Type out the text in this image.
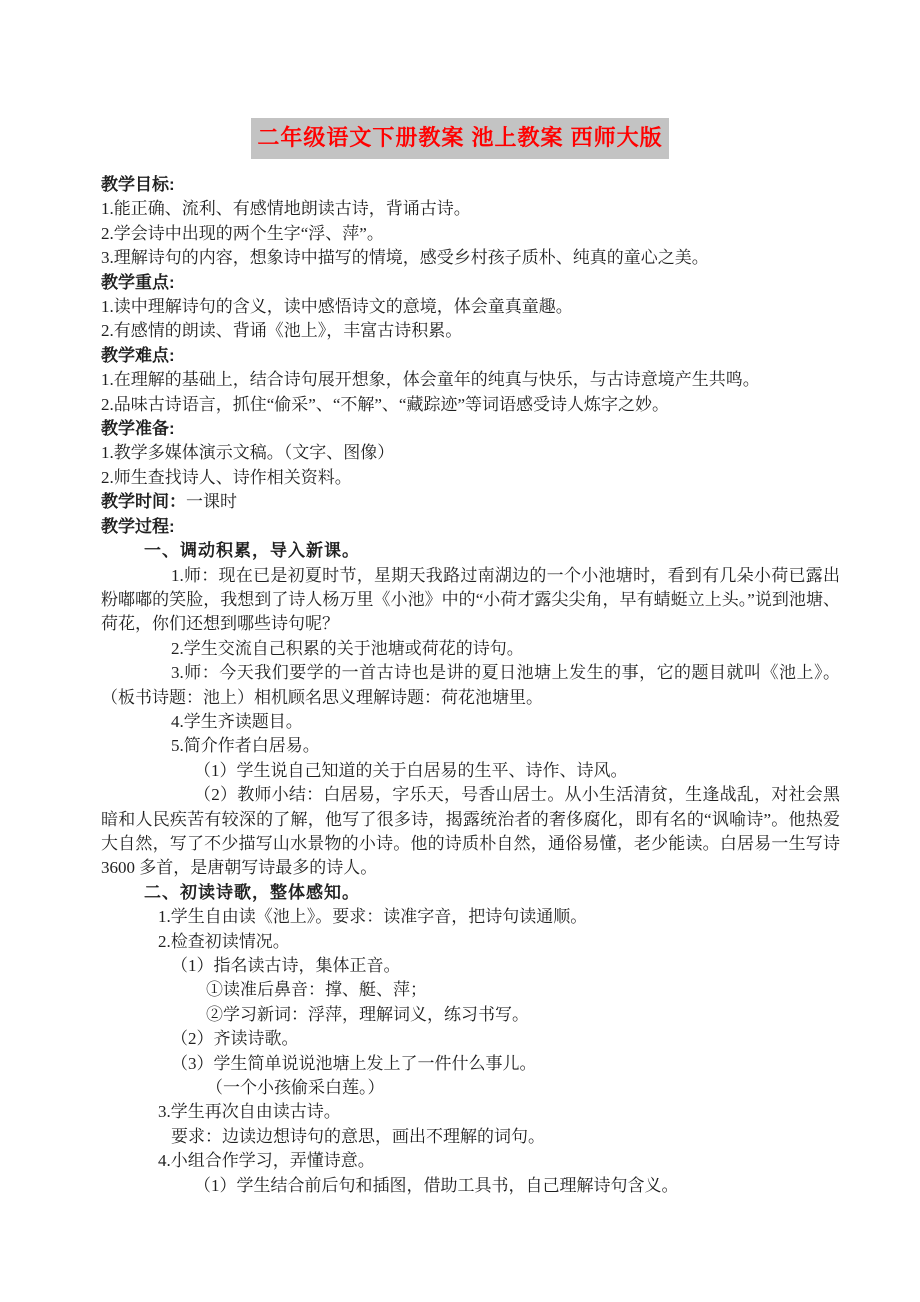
二年级语文下册教案 池上教案 西师大版
教学目标:
1.能正确、流利、有感情地朗读古诗，背诵古诗。
2.学会诗中出现的两个生字“浮、萍”。
3.理解诗句的内容，想象诗中描写的情境，感受乡村孩子质朴、纯真的童心之美。
教学重点:
1.读中理解诗句的含义，读中感悟诗文的意境，体会童真童趣。
2.有感情的朗读、背诵《池上》，丰富古诗积累。
教学难点:
1.在理解的基础上，结合诗句展开想象，体会童年的纯真与快乐，与古诗意境产生共鸣。
2.品味古诗语言，抓住“偷采”、“不解”、“藏踪迹”等词语感受诗人炼字之妙。
教学准备:
1.教学多媒体演示文稿。（文字、图像）
2.师生查找诗人、诗作相关资料。
教学时间：一课时
教学过程:
一、调动积累，导入新课。
1.师：现在已是初夏时节，星期天我路过南湖边的一个小池塘时，看到有几朵小荷已露出粉嘟嘟的笑脸，我想到了诗人杨万里《小池》中的“小荷才露尖尖角，早有蜻蜓立上头。”说到池塘、荷花，你们还想到哪些诗句呢？
2.学生交流自己积累的关于池塘或荷花的诗句。
3.师：今天我们要学的一首古诗也是讲的夏日池塘上发生的事，它的题目就叫《池上》。（板书诗题：池上）相机顾名思义理解诗题：荷花池塘里。
4.学生齐读题目。
5.简介作者白居易。
（1）学生说自己知道的关于白居易的生平、诗作、诗风。
（2）教师小结：白居易，字乐天，号香山居士。从小生活清贫，生逢战乱，对社会黑暗和人民疾苦有较深的了解，他写了很多诗，揭露统治者的奢侈腐化，即有名的“讽喻诗”。他热爱大自然，写了不少描写山水景物的小诗。他的诗质朴自然，通俗易懂，老少能读。白居易一生写诗 3600 多首，是唐朝写诗最多的诗人。
二、初读诗歌，整体感知。
1.学生自由读《池上》。要求：读准字音，把诗句读通顺。
2.检查初读情况。
（1）指名读古诗，集体正音。
①读准后鼻音：撑、艇、萍；
②学习新词：浮萍，理解词义，练习书写。
（2）齐读诗歌。
（3）学生简单说说池塘上发上了一件什么事儿。
（一个小孩偷采白莲。）
3.学生再次自由读古诗。
要求：边读边想诗句的意思，画出不理解的词句。
4.小组合作学习，弄懂诗意。
（1）学生结合前后句和插图，借助工具书，自己理解诗句含义。
